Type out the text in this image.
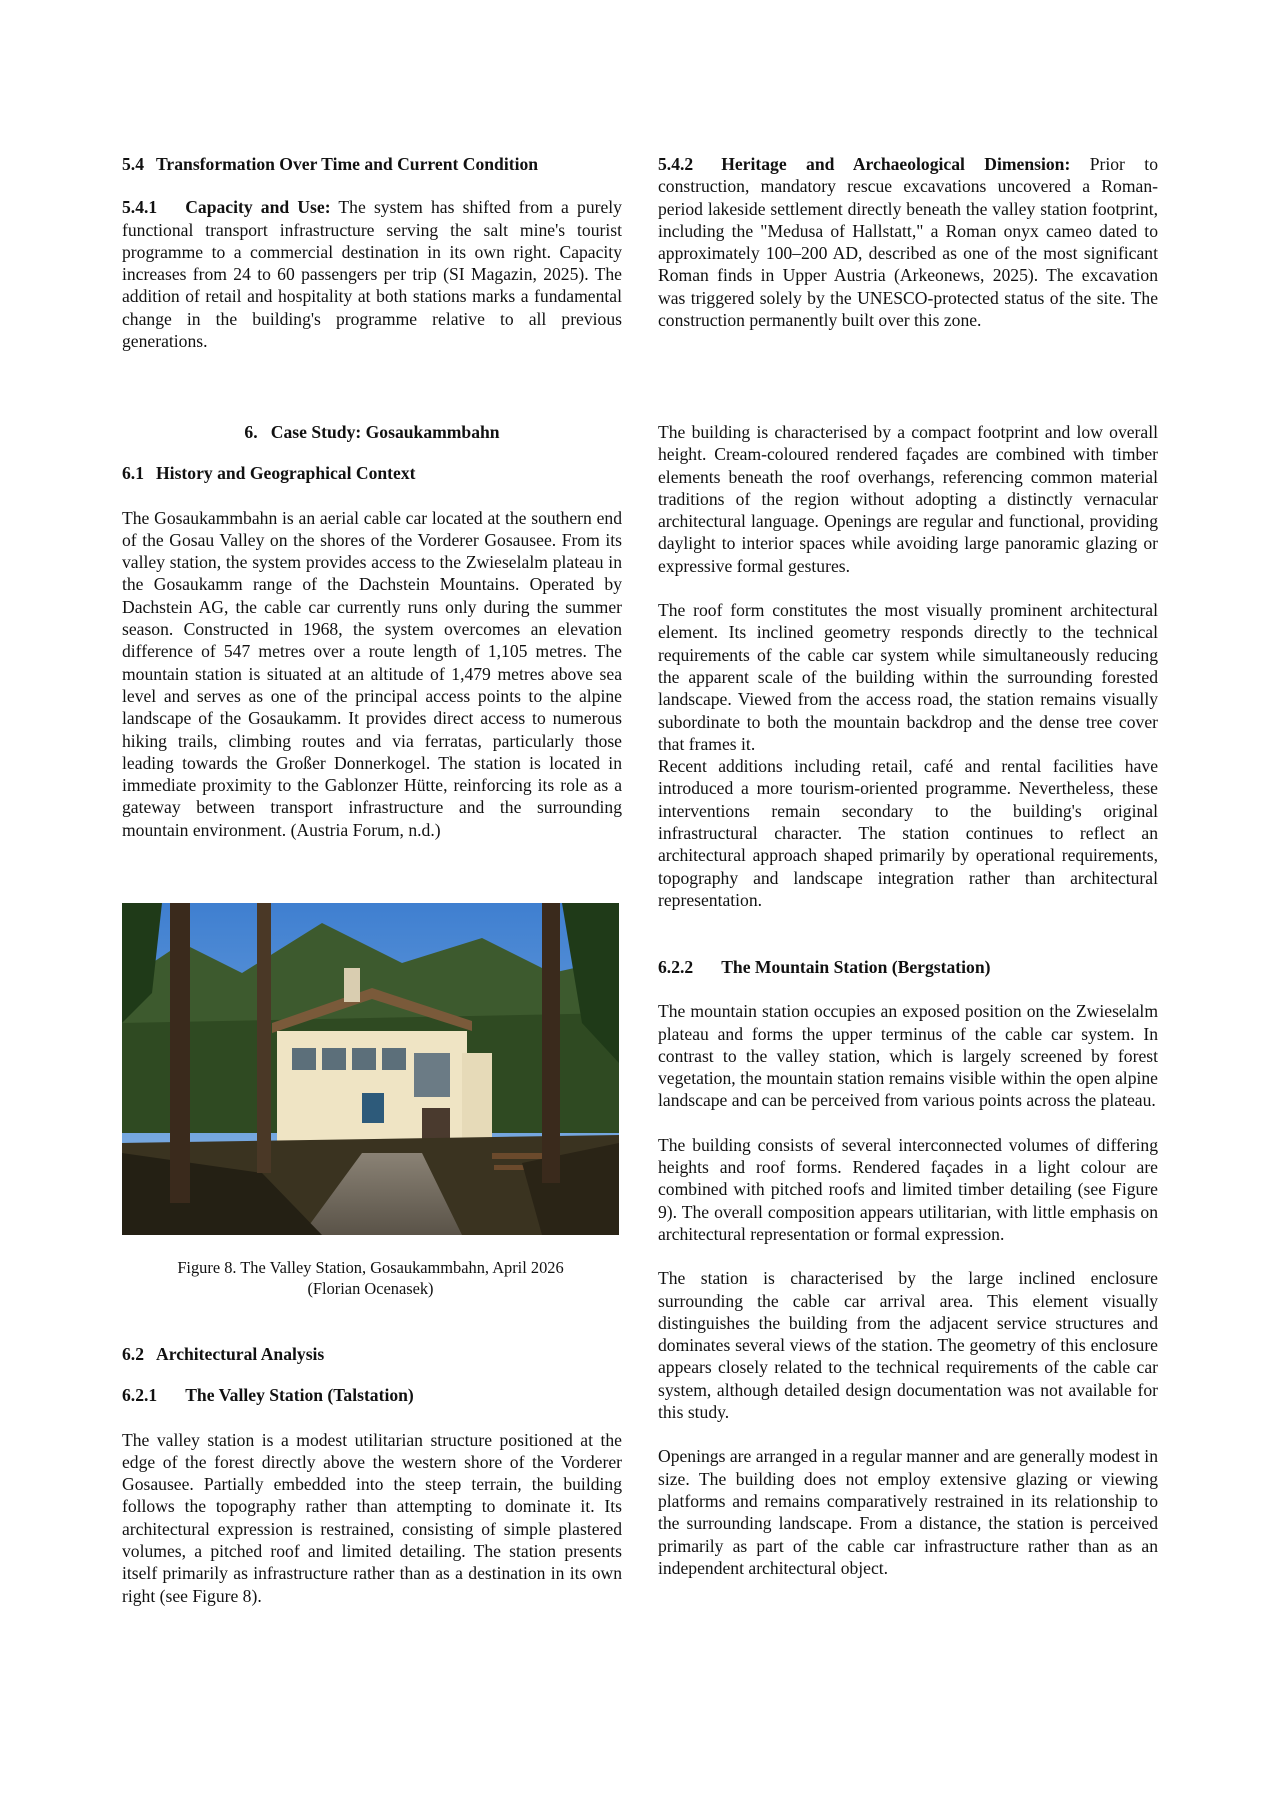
5.4 Transformation Over Time and Current Condition

5.4.1 Capacity and Use: The system has shifted from a purely functional transport infrastructure serving the salt mine's tourist programme to a commercial destination in its own right. Capacity increases from 24 to 60 passengers per trip (SI Magazin, 2025). The addition of retail and hospitality at both stations marks a fundamental change in the building's programme relative to all previous generations.

5.4.2 Heritage and Archaeological Dimension: Prior to construction, mandatory rescue excavations uncovered a Roman-period lakeside settlement directly beneath the valley station footprint, including the "Medusa of Hallstatt," a Roman onyx cameo dated to approximately 100–200 AD, described as one of the most significant Roman finds in Upper Austria (Arkeonews, 2025). The excavation was triggered solely by the UNESCO-protected status of the site. The construction permanently built over this zone.

6.   Case Study: Gosaukammbahn
6.1 History and Geographical Context

The Gosaukammbahn is an aerial cable car located at the southern end of the Gosau Valley on the shores of the Vorderer Gosausee. From its valley station, the system provides access to the Zwieselalm plateau in the Gosaukamm range of the Dachstein Mountains. Operated by Dachstein AG, the cable car currently runs only during the summer season. Constructed in 1968, the system overcomes an elevation difference of 547 metres over a route length of 1,105 metres. The mountain station is situated at an altitude of 1,479 metres above sea level and serves as one of the principal access points to the alpine landscape of the Gosaukamm. It provides direct access to numerous hiking trails, climbing routes and via ferratas, particularly those leading towards the Großer Donnerkogel. The station is located in immediate proximity to the Gablonzer Hütte, reinforcing its role as a gateway between transport infrastructure and the surrounding mountain environment. (Austria Forum, n.d.)

Figure 8. The Valley Station, Gosaukammbahn, April 2026
(Florian Ocenasek)
6.2 Architectural Analysis
6.2.1 The Valley Station (Talstation)

The valley station is a modest utilitarian structure positioned at the edge of the forest directly above the western shore of the Vorderer Gosausee. Partially embedded into the steep terrain, the building follows the topography rather than attempting to dominate it. Its architectural expression is restrained, consisting of simple plastered volumes, a pitched roof and limited detailing. The station presents itself primarily as infrastructure rather than as a destination in its own right (see Figure 8).

The building is characterised by a compact footprint and low overall height. Cream-coloured rendered façades are combined with timber elements beneath the roof overhangs, referencing common material traditions of the region without adopting a distinctly vernacular architectural language. Openings are regular and functional, providing daylight to interior spaces while avoiding large panoramic glazing or expressive formal gestures.

The roof form constitutes the most visually prominent architectural element. Its inclined geometry responds directly to the technical requirements of the cable car system while simultaneously reducing the apparent scale of the building within the surrounding forested landscape. Viewed from the access road, the station remains visually subordinate to both the mountain backdrop and the dense tree cover that frames it.

Recent additions including retail, café and rental facilities have introduced a more tourism-oriented programme. Nevertheless, these interventions remain secondary to the building's original infrastructural character. The station continues to reflect an architectural approach shaped primarily by operational requirements, topography and landscape integration rather than architectural representation.

6.2.2 The Mountain Station (Bergstation)

The mountain station occupies an exposed position on the Zwieselalm plateau and forms the upper terminus of the cable car system. In contrast to the valley station, which is largely screened by forest vegetation, the mountain station remains visible within the open alpine landscape and can be perceived from various points across the plateau.

The building consists of several interconnected volumes of differing heights and roof forms. Rendered façades in a light colour are combined with pitched roofs and limited timber detailing (see Figure 9). The overall composition appears utilitarian, with little emphasis on architectural representation or formal expression.

The station is characterised by the large inclined enclosure surrounding the cable car arrival area. This element visually distinguishes the building from the adjacent service structures and dominates several views of the station. The geometry of this enclosure appears closely related to the technical requirements of the cable car system, although detailed design documentation was not available for this study.

Openings are arranged in a regular manner and are generally modest in size. The building does not employ extensive glazing or viewing platforms and remains comparatively restrained in its relationship to the surrounding landscape. From a distance, the station is perceived primarily as part of the cable car infrastructure rather than as an independent architectural object.
